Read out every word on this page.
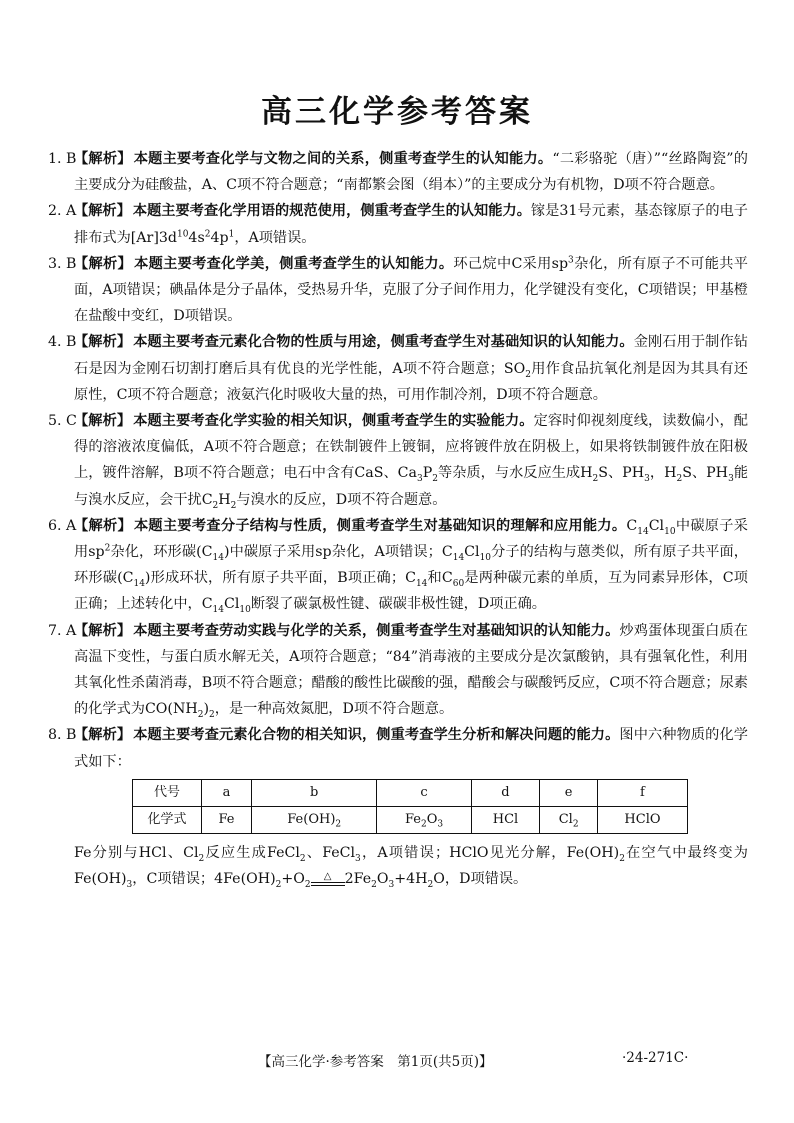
高三化学参考答案
1. B
【解析】 本题主要考查化学与文物之间的关系，侧重考查学生的认知能力。“二彩骆驼（唐）”“丝路陶瓷”的主要成分为硅酸盐，A、C项不符合题意；“南都繁会图（绢本）”的主要成分为有机物，D项不符合题意。
2. A
【解析】 本题主要考查化学用语的规范使用，侧重考查学生的认知能力。镓是31号元素，基态镓原子的电子排布式为$[Ar]3d^{10}4s^24p^1$，A项错误。
3. B
【解析】 本题主要考查化学美，侧重考查学生的认知能力。环己烷中C采用$sp^3$杂化，所有原子不可能共平面，A项错误；碘晶体是分子晶体，受热易升华，克服了分子间作用力，化学键没有变化，C项错误；甲基橙在盐酸中变红，D项错误。
4. B
【解析】 本题主要考查元素化合物的性质与用途，侧重考查学生对基础知识的认知能力。金刚石用于制作钻石是因为金刚石切割打磨后具有优良的光学性能，A项不符合题意；$SO_2$用作食品抗氧化剂是因为其具有还原性，C项不符合题意；液氨汽化时吸收大量的热，可用作制冷剂，D项不符合题意。
5. C
【解析】 本题主要考查化学实验的相关知识，侧重考查学生的实验能力。定容时仰视刻度线，读数偏小，配得的溶液浓度偏低，A项不符合题意；在铁制镀件上镀铜，应将镀件放在阴极上，如果将铁制镀件放在阳极上，镀件溶解，B项不符合题意；电石中含有CaS、$Ca_3P_2$等杂质，与水反应生成$H_2S$、$PH_3$，$H_2S$、$PH_3$能与溴水反应，会干扰$C_2H_2$与溴水的反应，D项不符合题意。
6. A
【解析】 本题主要考查分子结构与性质，侧重考查学生对基础知识的理解和应用能力。$C_{14}Cl_{10}$中碳原子采用$sp^2$杂化，环形碳$(C_{14})$中碳原子采用sp杂化，A项错误；$C_{14}Cl_{10}$分子的结构与蒽类似，所有原子共平面，环形碳$(C_{14})$形成环状，所有原子共平面，B项正确；$C_{14}$和$C_{60}$是两种碳元素的单质，互为同素异形体，C项正确；上述转化中，$C_{14}Cl_{10}$断裂了碳氯极性键、碳碳非极性键，D项正确。
7. A
【解析】 本题主要考查劳动实践与化学的关系，侧重考查学生对基础知识的认知能力。炒鸡蛋体现蛋白质在高温下变性，与蛋白质水解无关，A项符合题意；“84”消毒液的主要成分是次氯酸钠，具有强氧化性，利用其氧化性杀菌消毒，B项不符合题意；醋酸的酸性比碳酸的强，醋酸会与碳酸钙反应，C项不符合题意；尿素的化学式为$CO(NH_2)_2$，是一种高效氮肥，D项不符合题意。
8. B
【解析】 本题主要考查元素化合物的相关知识，侧重考查学生分析和解决问题的能力。图中六种物质的化学式如下：
代号	a	b	c	d	e	f
化学式	Fe	$Fe(OH)_2$	$Fe_2O_3$	HCl	$Cl_2$	HClO
Fe分别与HCl、$Cl_2$反应生成FeCl$_2$、FeCl$_3$，A项错误；HClO见光分解，$Fe(OH)_2$在空气中最终变为$Fe(OH)_3$，C项错误；$4Fe(OH)_2+O_2$
△ $2Fe_2O_3+4H_2O$，D项错误。
【高三化学·参考答案　第1页(共5页)】	·24-271C·
